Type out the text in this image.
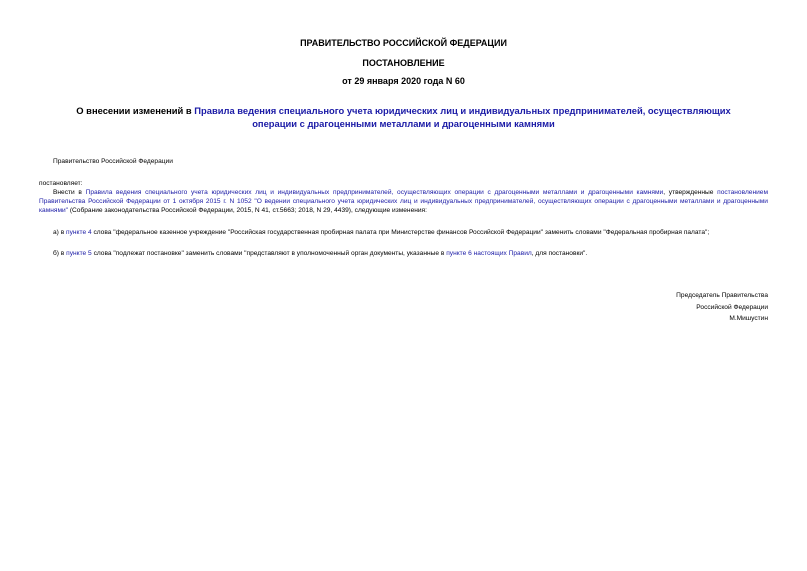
ПРАВИТЕЛЬСТВО РОССИЙСКОЙ ФЕДЕРАЦИИ
ПОСТАНОВЛЕНИЕ
от 29 января 2020 года N 60
О внесении изменений в Правила ведения специального учета юридических лиц и индивидуальных предпринимателей, осуществляющих операции с драгоценными металлами и драгоценными камнями
Правительство Российской Федерации
постановляет:
Внести в Правила ведения специального учета юридических лиц и индивидуальных предпринимателей, осуществляющих операции с драгоценными металлами и драгоценными камнями, утвержденные постановлением Правительства Российской Федерации от 1 октября 2015 г. N 1052 "О ведении специального учета юридических лиц и индивидуальных предпринимателей, осуществляющих операции с драгоценными металлами и драгоценными камнями" (Собрание законодательства Российской Федерации, 2015, N 41, ст.5663; 2018, N 29, 4439), следующие изменения:
а) в пункте 4 слова "федеральное казенное учреждение "Российская государственная пробирная палата при Министерстве финансов Российской Федерации" заменить словами "Федеральная пробирная палата";
б) в пункте 5 слова "подлежат постановке" заменить словами "представляют в уполномоченный орган документы, указанные в пункте 6 настоящих Правил, для постановки".
Председатель Правительства
Российской Федерации
М.Мишустин
